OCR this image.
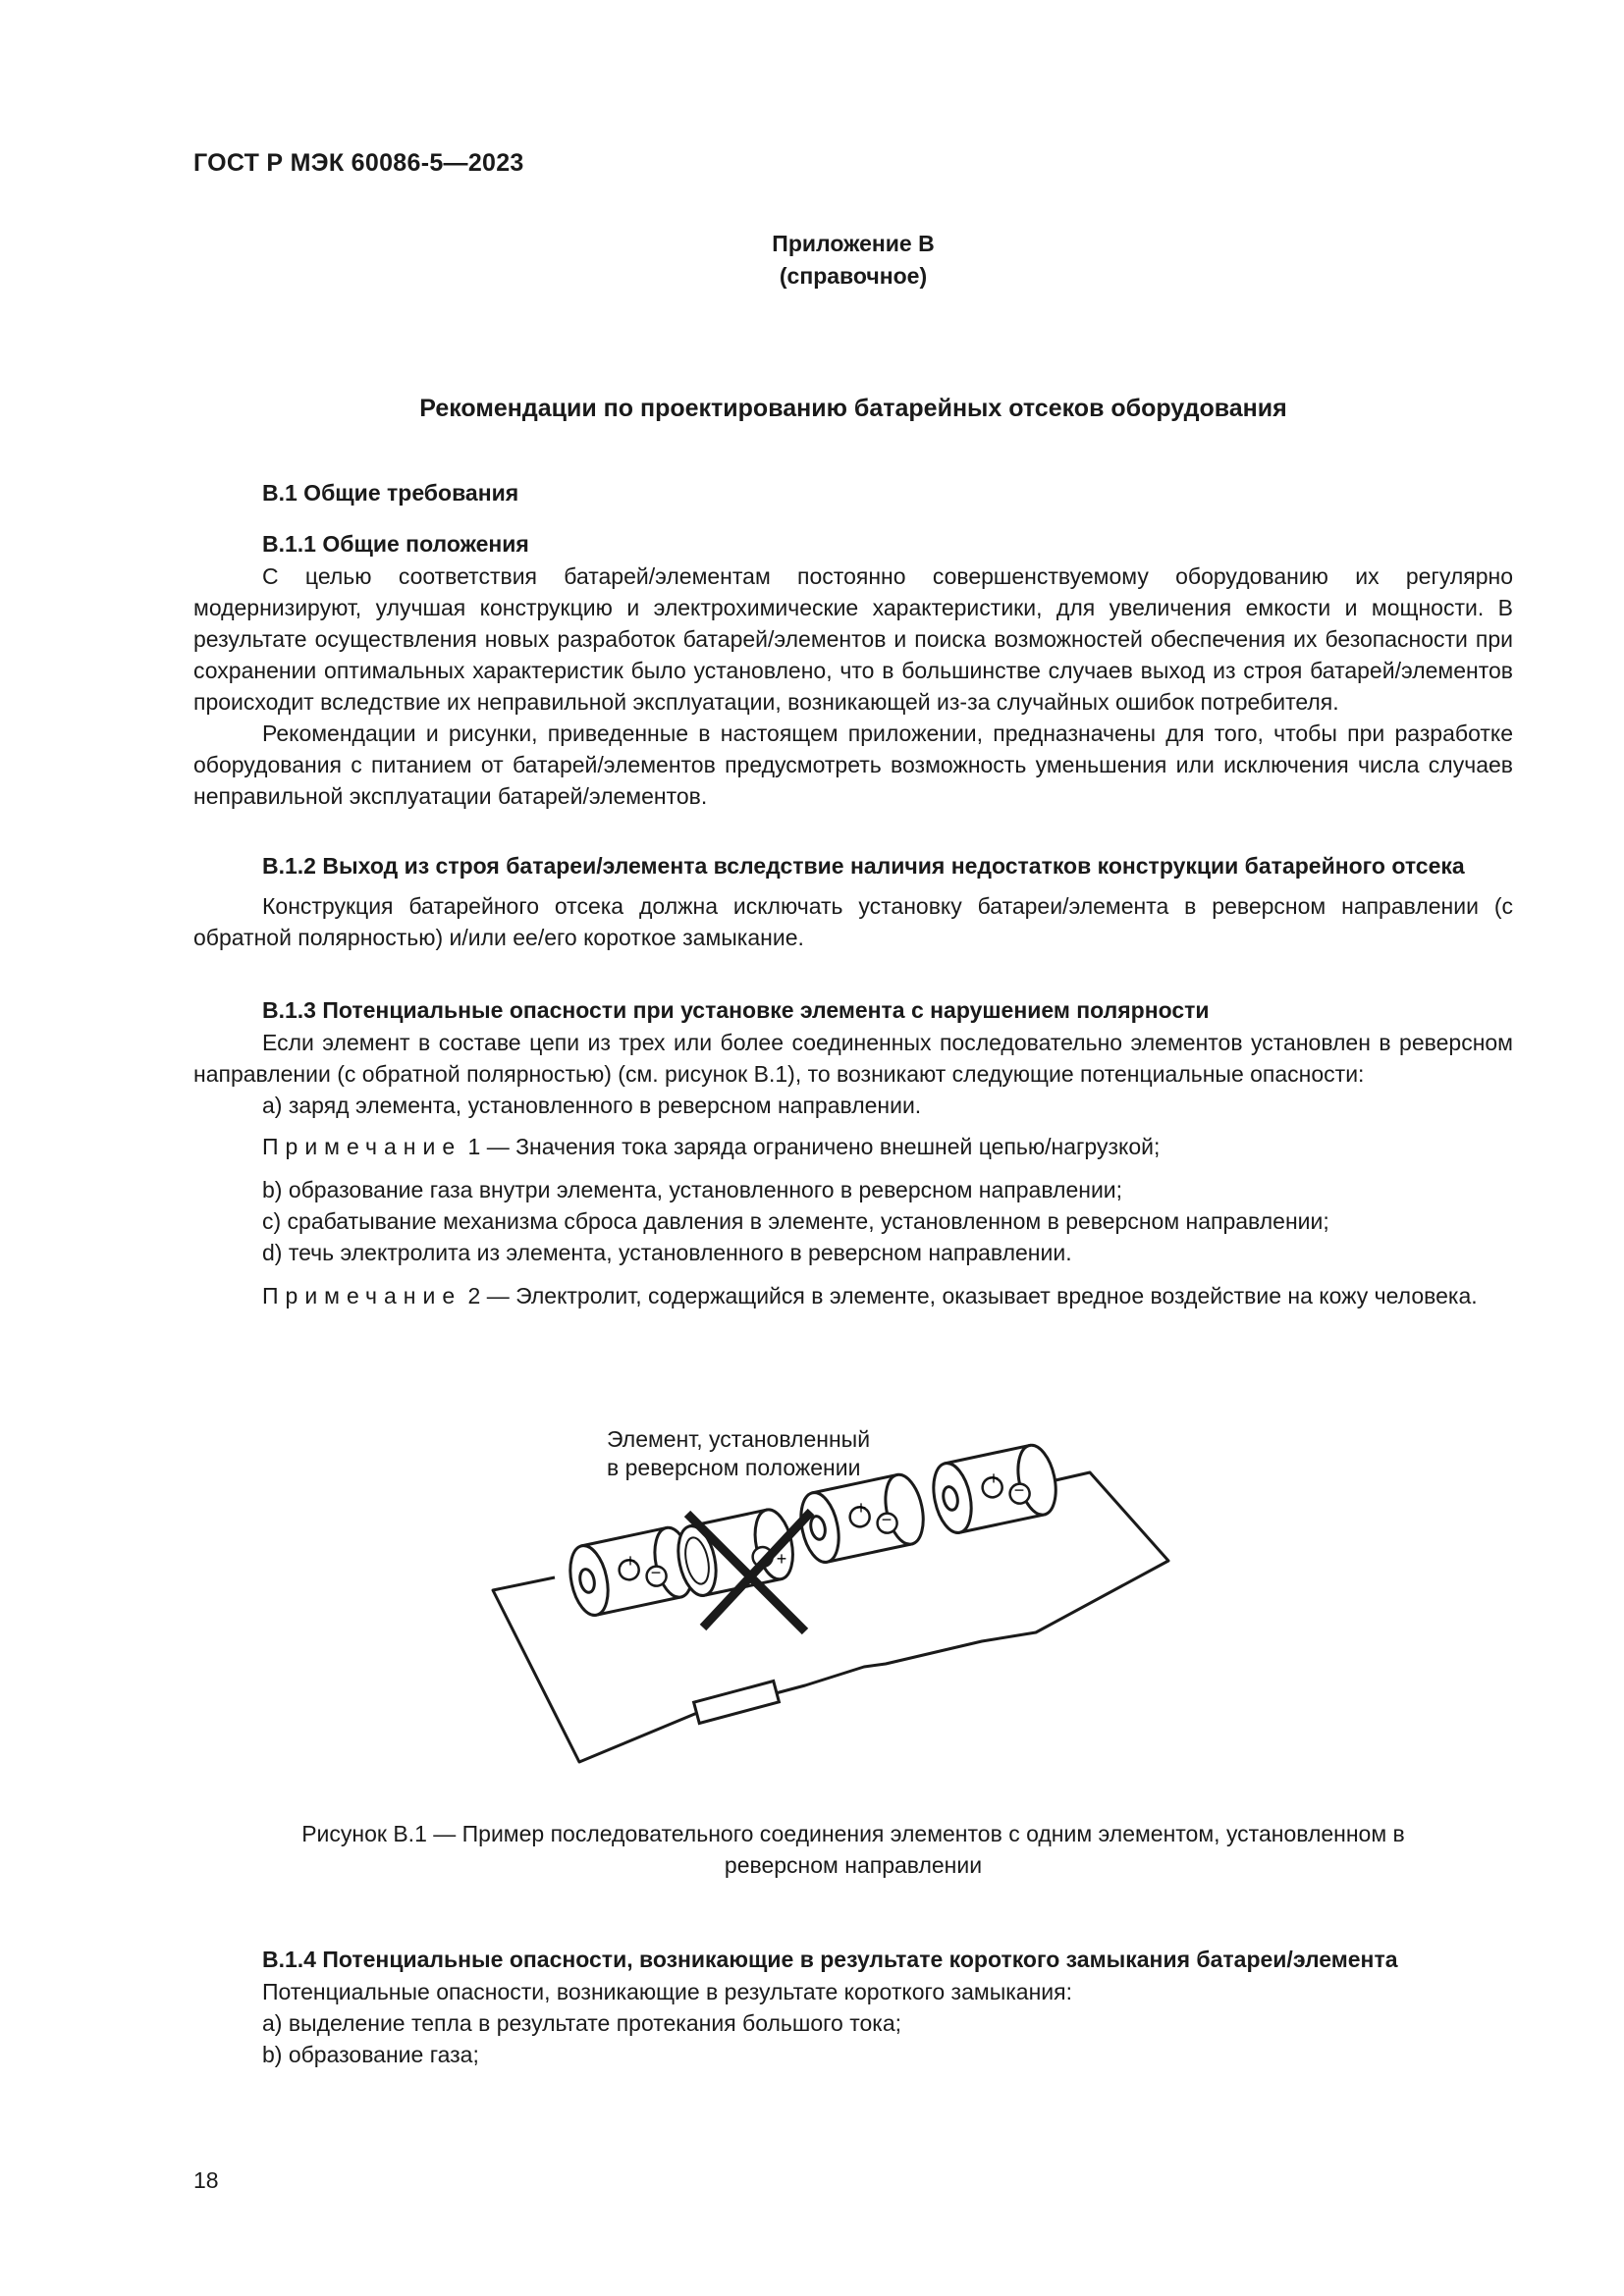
ГОСТ Р МЭК 60086-5—2023
Приложение В
(справочное)
Рекомендации по проектированию батарейных отсеков оборудования
В.1 Общие требования
В.1.1 Общие положения

С целью соответствия батарей/элементам постоянно совершенствуемому оборудованию их регулярно модернизируют, улучшая конструкцию и электрохимические характеристики, для увеличения емкости и мощности. В результате осуществления новых разработок батарей/элементов и поиска возможностей обеспечения их безопасности при сохранении оптимальных характеристик было установлено, что в большинстве случаев выход из строя батарей/элементов происходит вследствие их неправильной эксплуатации, возникающей из-за случайных ошибок потребителя.

Рекомендации и рисунки, приведенные в настоящем приложении, предназначены для того, чтобы при разработке оборудования с питанием от батарей/элементов предусмотреть возможность уменьшения или исключения числа случаев неправильной эксплуатации батарей/элементов.

В.1.2 Выход из строя батареи/элемента вследствие наличия недостатков конструкции батарейного отсека

Конструкция батарейного отсека должна исключать установку батареи/элемента в реверсном направлении (с обратной полярностью) и/или ее/его короткое замыкание.

В.1.3 Потенциальные опасности при установке элемента с нарушением полярности

Если элемент в составе цепи из трех или более соединенных последовательно элементов установлен в реверсном направлении (с обратной полярностью) (см. рисунок В.1), то возникают следующие потенциальные опасности:

a) заряд элемента, установленного в реверсном направлении.

Примечание 1 — Значения тока заряда ограничено внешней цепью/нагрузкой;

b) образование газа внутри элемента, установленного в реверсном направлении;
c) срабатывание механизма сброса давления в элементе, установленном в реверсном направлении;
d) течь электролита из элемента, установленного в реверсном направлении.

Примечание 2 — Электролит, содержащийся в элементе, оказывает вредное воздействие на кожу человека.

+
−
+
+
−
+
−
Элемент, установленный
в реверсном положении
Рисунок В.1 — Пример последовательного соединения элементов с одним элементом, установленном в
реверсном направлении
В.1.4 Потенциальные опасности, возникающие в результате короткого замыкания батареи/элемента
Потенциальные опасности, возникающие в результате короткого замыкания:
a) выделение тепла в результате протекания большого тока;
b) образование газа;
18
